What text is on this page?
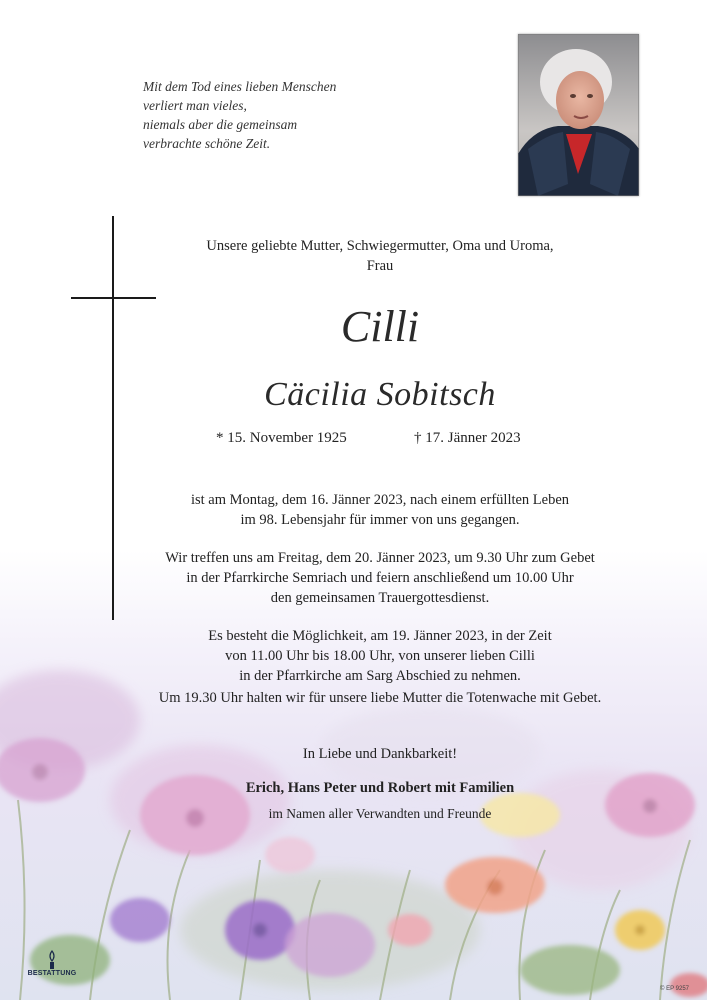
Mit dem Tod eines lieben Menschen
verliert man vieles,
niemals aber die gemeinsam
verbrachte schöne Zeit.
Unsere geliebte Mutter, Schwiegermutter, Oma und Uroma,
Frau
Cilli
Cäcilia Sobitsch
* 15. November 1925	† 17. Jänner 2023
ist am Montag, dem 16. Jänner 2023, nach einem erfüllten Leben
im 98. Lebensjahr für immer von uns gegangen.
Wir treffen uns am Freitag, dem 20. Jänner 2023, um 9.30 Uhr zum Gebet
in der Pfarrkirche Semriach und feiern anschließend um 10.00 Uhr
den gemeinsamen Trauergottesdienst.
Es besteht die Möglichkeit, am 19. Jänner 2023, in der Zeit
von 11.00 Uhr bis 18.00 Uhr, von unserer lieben Cilli
in der Pfarrkirche am Sarg Abschied zu nehmen.
Um 19.30 Uhr halten wir für unsere liebe Mutter die Totenwache mit Gebet.
In Liebe und Dankbarkeit!
Erich, Hans Peter und Robert mit Familien
im Namen aller Verwandten und Freunde
BESTATTUNG
© EP 9257
